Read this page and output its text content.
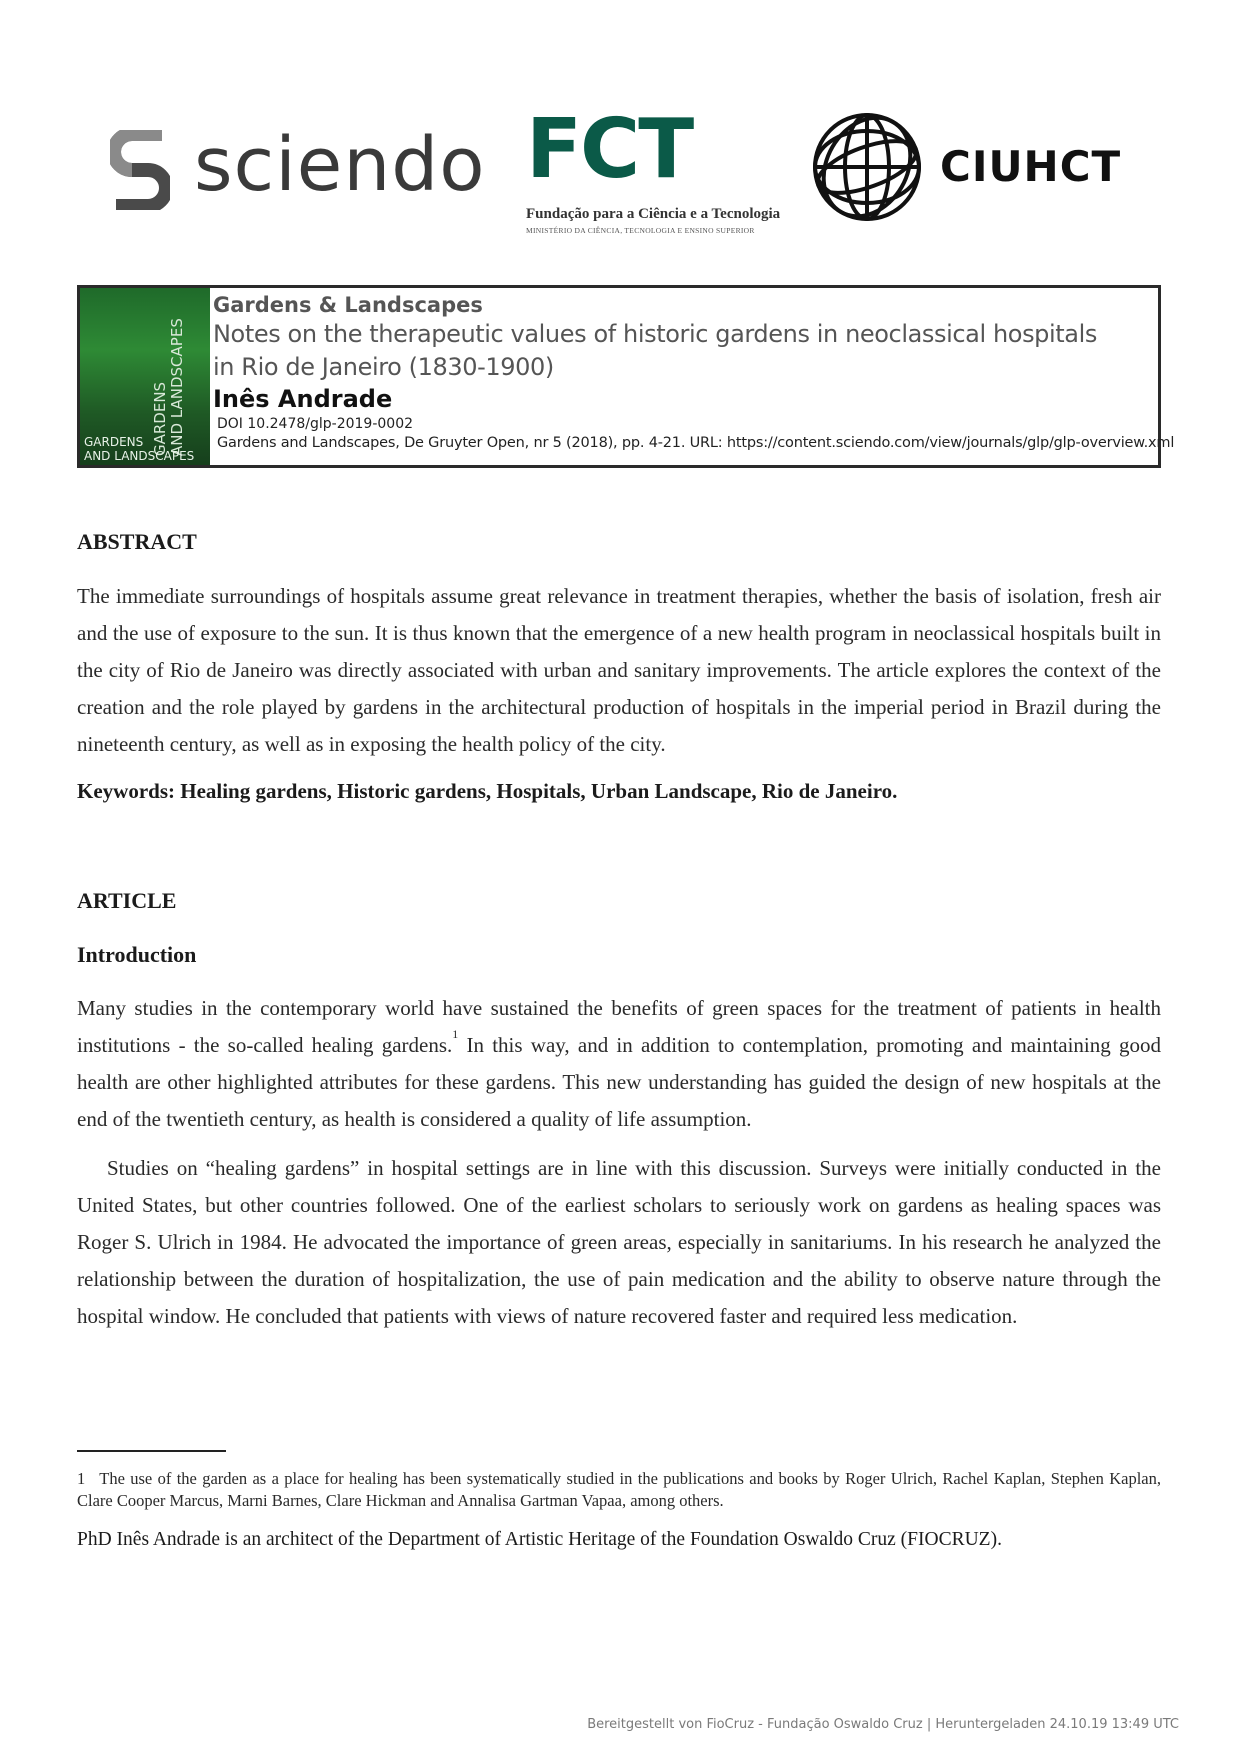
sciendo FCT
Fundação para a Ciência e a Tecnologia
MINISTÉRIO DA CIÊNCIA, TECNOLOGIA E ENSINO SUPERIOR
CIUHCT
GARDENS AND LANDSCAPES
GARDENS
AND LANDSCAPES

Gardens & Landscapes

Notes on the therapeutic values of historic gardens in neoclassical hospitals

in Rio de Janeiro (1830-1900)

Inês Andrade

DOI 10.2478/glp-2019-0002

Gardens and Landscapes, De Gruyter Open, nr 5 (2018), pp. 4-21. URL: https://content.sciendo.com/view/journals/glp/glp-overview.xml

ABSTRACT

The immediate surroundings of hospitals assume great relevance in treatment therapies, whether the basis of isolation, fresh air and the use of exposure to the sun. It is thus known that the emergence of a new health program in neoclassical hospitals built in the city of Rio de Janeiro was directly associated with urban and sanitary improvements. The article explores the context of the creation and the role played by gardens in the architectural production of hospitals in the imperial period in Brazil during the nineteenth century, as well as in exposing the health policy of the city.

Keywords: Healing gardens, Historic gardens, Hospitals, Urban Landscape, Rio de Janeiro.

ARTICLE
Introduction

Many studies in the contemporary world have sustained the benefits of green spaces for the treatment of patients in health institutions - the so-called healing gardens.$^1$ In this way, and in addition to contemplation, promoting and maintaining good health are other highlighted attributes for these gardens. This new understanding has guided the design of new hospitals at the end of the twentieth century, as health is considered a quality of life assumption.

Studies on “healing gardens” in hospital settings are in line with this discussion. Surveys were initially conducted in the United States, but other countries followed. One of the earliest scholars to seriously work on gardens as healing spaces was Roger S. Ulrich in 1984. He advocated the importance of green areas, especially in sanitariums. In his research he analyzed the relationship between the duration of hospitalization, the use of pain medication and the ability to observe nature through the hospital window. He concluded that patients with views of nature recovered faster and required less medication.

1 The use of the garden as a place for healing has been systematically studied in the publications and books by Roger Ulrich, Rachel Kaplan, Stephen Kaplan, Clare Cooper Marcus, Marni Barnes, Clare Hickman and Annalisa Gartman Vapaa, among others.

PhD Inês Andrade is an architect of the Department of Artistic Heritage of the Foundation Oswaldo Cruz (FIOCRUZ).

Bereitgestellt von FioCruz - Fundação Oswaldo Cruz | Heruntergeladen 24.10.19 13:49 UTC
